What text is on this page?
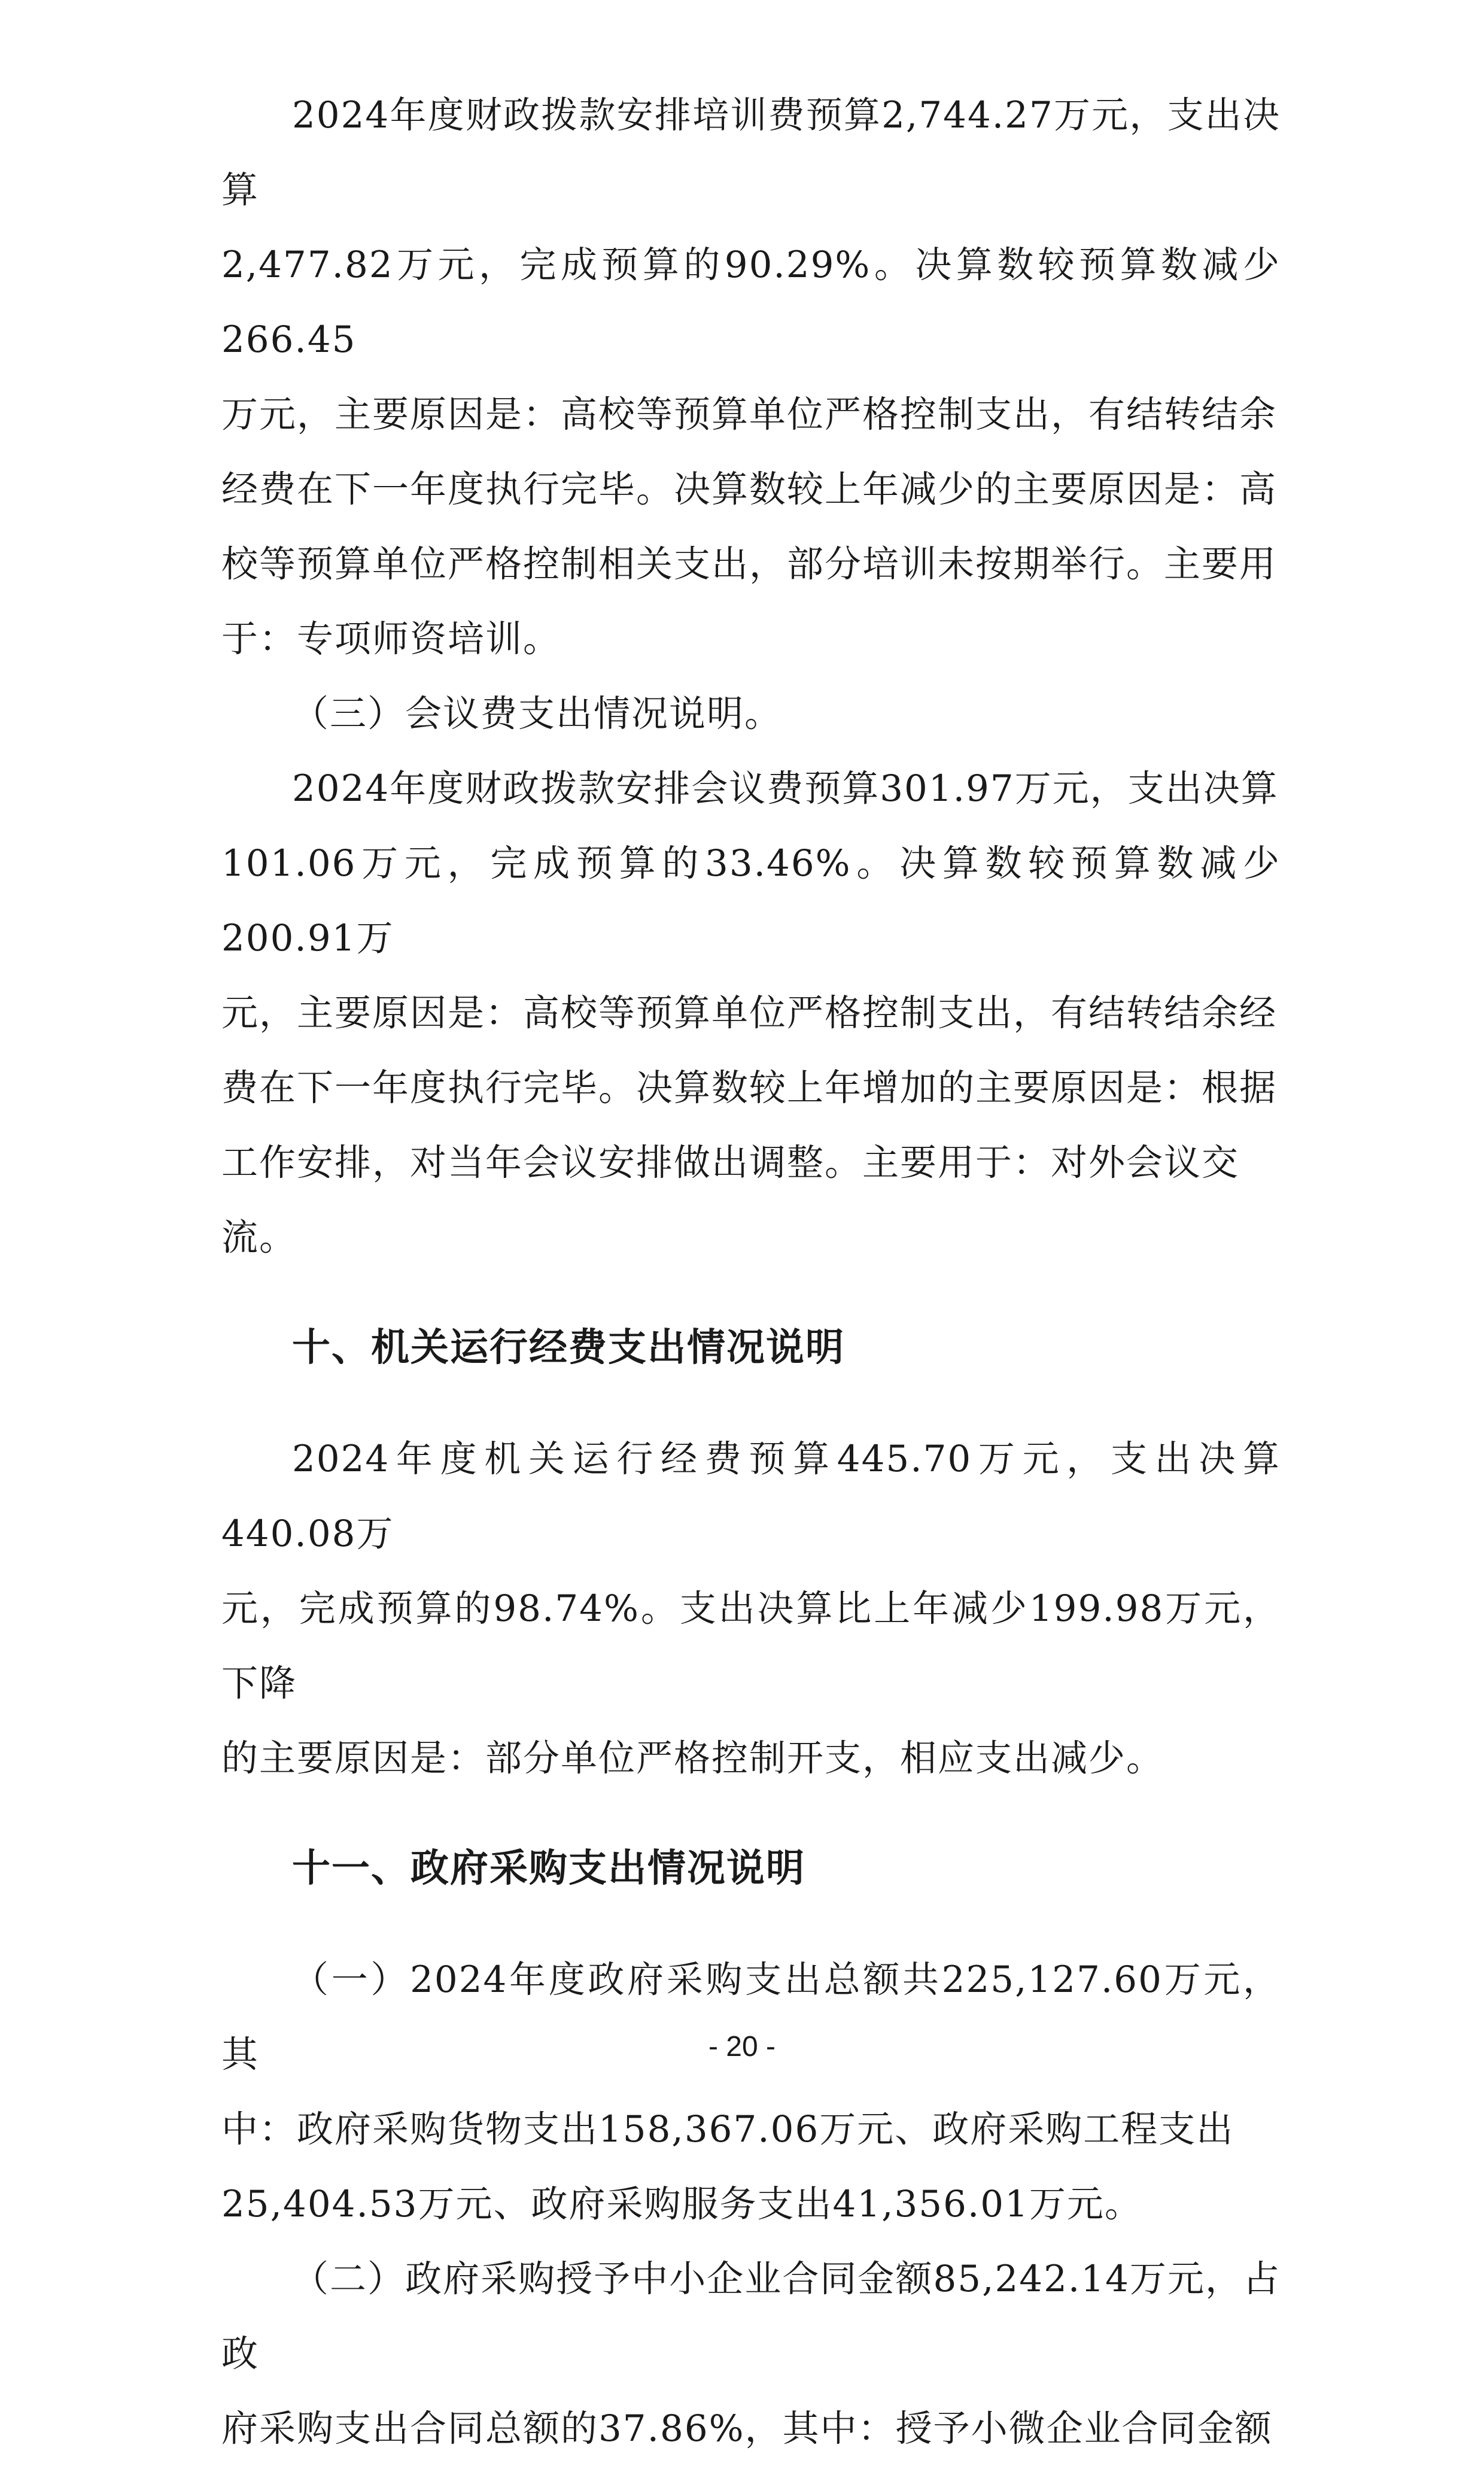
2024年度财政拨款安排培训费预算2,744.27万元，支出决算
2,477.82万元，完成预算的90.29%。决算数较预算数减少266.45
万元，主要原因是：高校等预算单位严格控制支出，有结转结余
经费在下一年度执行完毕。决算数较上年减少的主要原因是：高
校等预算单位严格控制相关支出，部分培训未按期举行。主要用
于：专项师资培训。

（三）会议费支出情况说明。

2024年度财政拨款安排会议费预算301.97万元，支出决算
101.06万元，完成预算的33.46%。决算数较预算数减少200.91万
元，主要原因是：高校等预算单位严格控制支出，有结转结余经
费在下一年度执行完毕。决算数较上年增加的主要原因是：根据
工作安排，对当年会议安排做出调整。主要用于：对外会议交
流。

十、机关运行经费支出情况说明

2024年度机关运行经费预算445.70万元，支出决算440.08万
元，完成预算的98.74%。支出决算比上年减少199.98万元，下降
的主要原因是：部分单位严格控制开支，相应支出减少。

十一、政府采购支出情况说明

（一）2024年度政府采购支出总额共225,127.60万元，其
中：政府采购货物支出158,367.06万元、政府采购工程支出
25,404.53万元、政府采购服务支出41,356.01万元。

（二）政府采购授予中小企业合同金额85,242.14万元，占政
府采购支出合同总额的37.86%，其中：授予小微企业合同金额

- 20 -
